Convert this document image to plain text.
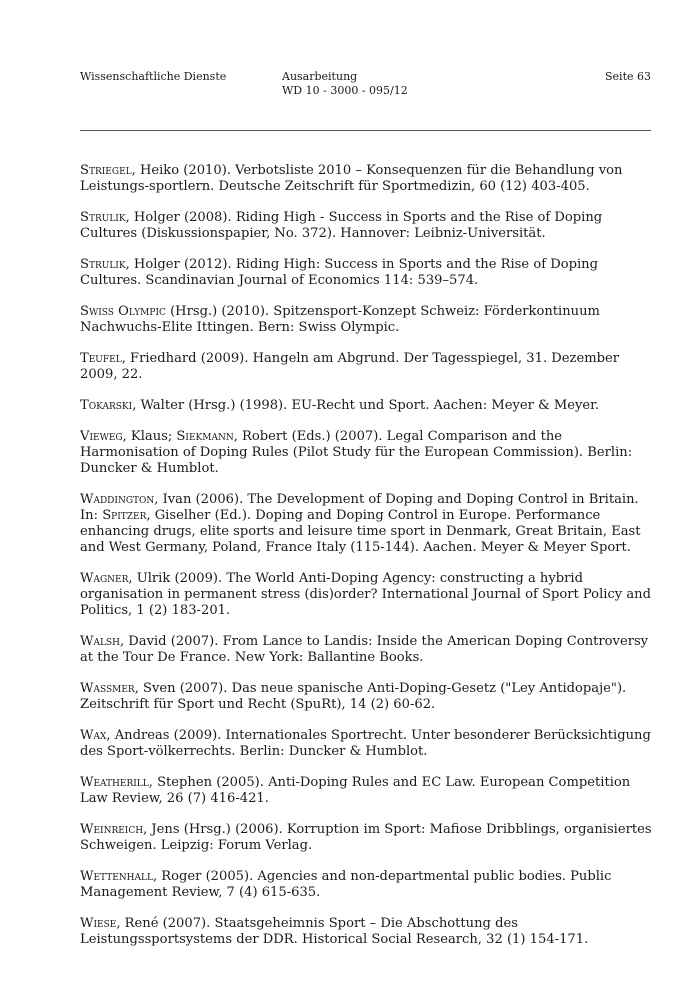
Wissenschaftliche Dienste	Ausarbeitung
WD 10 - 3000 - 095/12
Seite 63

Striegel, Heiko (2010). Verbotsliste 2010 – Konsequenzen für die Behandlung von Leistungs-sportlern. Deutsche Zeitschrift für Sportmedizin, 60 (12) 403-405.

Strulik, Holger (2008). Riding High - Success in Sports and the Rise of Doping Cultures (Diskussionspapier, No. 372). Hannover: Leibniz-Universität.

Strulik, Holger (2012). Riding High: Success in Sports and the Rise of Doping Cultures. Scandinavian Journal of Economics 114: 539–574.

Swiss Olympic (Hrsg.) (2010). Spitzensport-Konzept Schweiz: Förderkontinuum Nachwuchs-Elite Ittingen. Bern: Swiss Olympic.

Teufel, Friedhard (2009). Hangeln am Abgrund. Der Tagesspiegel, 31. Dezember 2009, 22.

Tokarski, Walter (Hrsg.) (1998). EU-Recht und Sport. Aachen: Meyer & Meyer.

Vieweg, Klaus; Siekmann, Robert (Eds.) (2007). Legal Comparison and the Harmonisation of Doping Rules (Pilot Study für the European Commission). Berlin: Duncker & Humblot.

Waddington, Ivan (2006). The Development of Doping and Doping Control in Britain. In: Spitzer, Giselher (Ed.). Doping and Doping Control in Europe. Performance enhancing drugs, elite sports and leisure time sport in Denmark, Great Britain, East and West Germany, Poland, France Italy (115-144). Aachen. Meyer & Meyer Sport.

Wagner, Ulrik (2009). The World Anti-Doping Agency: constructing a hybrid organisation in permanent stress (dis)order? International Journal of Sport Policy and Politics, 1 (2) 183-201.

Walsh, David (2007). From Lance to Landis: Inside the American Doping Controversy at the Tour De France. New York: Ballantine Books.

Wassmer, Sven (2007). Das neue spanische Anti-Doping-Gesetz ("Ley Antidopaje"). Zeitschrift für Sport und Recht (SpuRt), 14 (2) 60-62.

Wax, Andreas (2009). Internationales Sportrecht. Unter besonderer Berücksichtigung des Sport-völkerrechts. Berlin: Duncker & Humblot.

Weatherill, Stephen (2005). Anti-Doping Rules and EC Law. European Competition Law Review, 26 (7) 416-421.

Weinreich, Jens (Hrsg.) (2006). Korruption im Sport: Mafiose Dribblings, organisiertes Schweigen. Leipzig: Forum Verlag.

Wettenhall, Roger (2005). Agencies and non-departmental public bodies. Public Management Review, 7 (4) 615-635.

Wiese, René (2007). Staatsgeheimnis Sport – Die Abschottung des Leistungssportsystems der DDR. Historical Social Research, 32 (1) 154-171.
